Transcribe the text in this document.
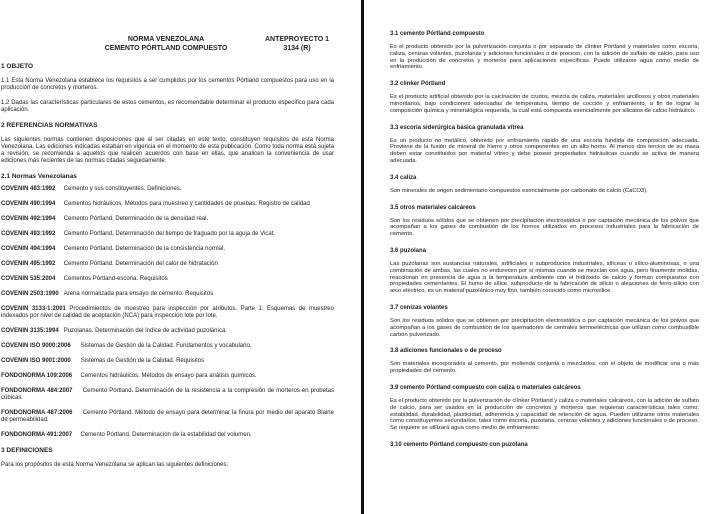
NORMA VENEZOLANA
CEMENTO PÓRTLAND COMPUESTO
ANTEPROYECTO 1
3134 (R)
1 OBJETO
1.1 Esta Norma Venezolana establece los requisitos a ser cumplidos por los cementos Pórtland compuestos para uso en la producción de concretos y morteros.
1.2 Dadas las características particulares de estos cementos, es recomendable determinar el producto específico para cada aplicación.
2 REFERENCIAS NORMATIVAS
Las siguientes normas contienen disposiciones que al ser citadas en este texto, constituyen requisitos de esta Norma Venezolana. Las ediciones indicadas estaban en vigencia en el momento de esta publicación. Como toda norma está sujeta a revisión, se recomienda a aquellos que realicen acuerdos con base en ellas, que analicen la conveniencia de usar ediciones más recientes de las normas citadas seguidamente.
2.1 Normas Venezolanas
COVENIN 483:1992 Cemento y sus constituyentes. Definiciones.
COVENIN 490:1994 Cementos hidráulicos. Métodos para muestreo y cantidades de pruebas. Registro de calidad
COVENIN 492:1994 Cemento Pórtland. Determinación de la densidad real.
COVENIN 493:1992 Cemento Pórtland. Determinación del tiempo de fraguado por la aguja de Vicat.
COVENIN 494:1994 Cemento Pórtland. Determinación de la consistencia normal.
COVENIN 495:1992 Cemento Pórtland. Determinación del calor de hidratación
COVENIN 535:2004 Cementos Pórtland-escoria. Requisitos
COVENIN 2503:1990 Arena normalizada para ensayo de cemento. Requisitos
COVENIN 3133-1:2001 Procedimientos de muestreo para inspección por atributos. Parte 1: Esquemas de muestreo indexados por nivel de calidad de aceptación (NCA) para inspección lote por lote.
COVENIN 3135:1994 Puzolanas. Determinación del índice de actividad puzolánica.
COVENIN ISO 9000:2006 Sistemas de Gestión de la Calidad. Fundamentos y vocabulario.
COVENIN ISO 9001:2000 Sistemas de Gestión de la Calidad. Requisitos
FONDONORMA 109:2006 Cementos hidráulicos. Métodos de ensayo para análisis químicos.
FONDONORMA 484:2007 Cemento Pórtland. Determinación de la resistencia a la compresión de morteros en probetas cúbicas.
FONDONORMA 487:2006 Cemento Pórtland. Método de ensayo para determinar la finura por medio del aparato Blaine de permeabilidad.
FONDONORMA 491:2007 Cemento Pórtland. Determinación de la estabilidad del volumen.
3 DEFINICIONES
Para los propósitos de esta Norma Venezolana se aplican las siguientes definiciones:
3.1 cemento Pórtland compuesto
Es el producto obtenido por la pulverización conjunta o por separado de clínker Pórtland y materiales como escoria, caliza, cenizas volantes, puzolanas y adiciones funcionales o de proceso, con la adición de sulfato de calcio, para uso en la producción de concretos y morteros para aplicaciones específicas. Puede utilizarse agua como medio de enfriamiento.
3.2 clínker Pórtland
Es el producto artificial obtenido por la calcinación de crudos, mezcla de caliza, materiales arcillosos y otros materiales minoritarios, bajo condiciones adecuadas de temperatura, tiempo de cocción y enfriamiento, a fin de lograr la composición química y mineralógica requerida, la cual está compuesta esencialmente por silicatos de calcio hidráulico.
3.3 escoria siderúrgica básica granulada vítrea
Es un producto no metálico, obtenido por enfriamiento rápido de una escoria fundida de composición adecuada. Proviene de la fusión de mineral de hierro y otros componentes en un alto horno. Al menos dos tercios de su masa deben estar constituidos por material vítreo y debe poseer propiedades hidráulicas cuando se activa de manera adecuada.
3.4 caliza
Son minerales de origen sedimentario compuestos esencialmente por carbonato de calcio (CaCO3).
3.5 otros materiales calcáreos
Son los residuos sólidos que se obtienen por precipitación electrostática o por captación mecánica de los polvos que acompañan a los gases de combustión de los hornos utilizados en procesos industriales para la fabricación de cemento.
3.6 puzolana
Las puzolanas son sustancias naturales, artificiales o subproductos industriales, silíceas o sílico-aluminosas, o una combinación de ambas, las cuales no endurecen por sí mismas cuando se mezclan con agua, pero finamente molidas, reaccionan en presencia de agua a la temperatura ambiente con el hidróxido de calcio y forman compuestos con propiedades cementantes. El humo de sílice, subproducto de la fabricación de silicio o aleaciones de ferro-silicio con arco eléctrico, es un material puzolánico muy fino, también conocido como microsílice.
3.7 cenizas volantes
Son los residuos sólidos que se obtienen por precipitación electrostática o por captación mecánica de los polvos que acompañan a los gases de combustión de los quemadores de centrales termoeléctricas que utilizan como combustible carbón pulverizado.
3.8 adiciones funcionales o de proceso
Son materiales incorporados al cemento, por molienda conjunta o mezclados, con el objeto de modificar una o más propiedades del cemento.
3.9 cemento Pórtland compuesto con caliza o materiales calcáreos
Es el producto obtenido por la pulverización de clínker Pórtland y caliza o materiales calcáreos, con la adición de sulfato de calcio, para ser usados en la producción de concretos y morteros que requieran características tales como: estabilidad, durabilidad, plasticidad, adherencia y capacidad de retención de agua. Pueden utilizarse otros materiales como constituyentes secundarios, tales como escoria, puzolana, cenizas volantes y adiciones funcionales o de proceso. Se requiere se utilizará agua como medio de enfriamiento.
3.10 cemento Pórtland compuesto con puzolana
